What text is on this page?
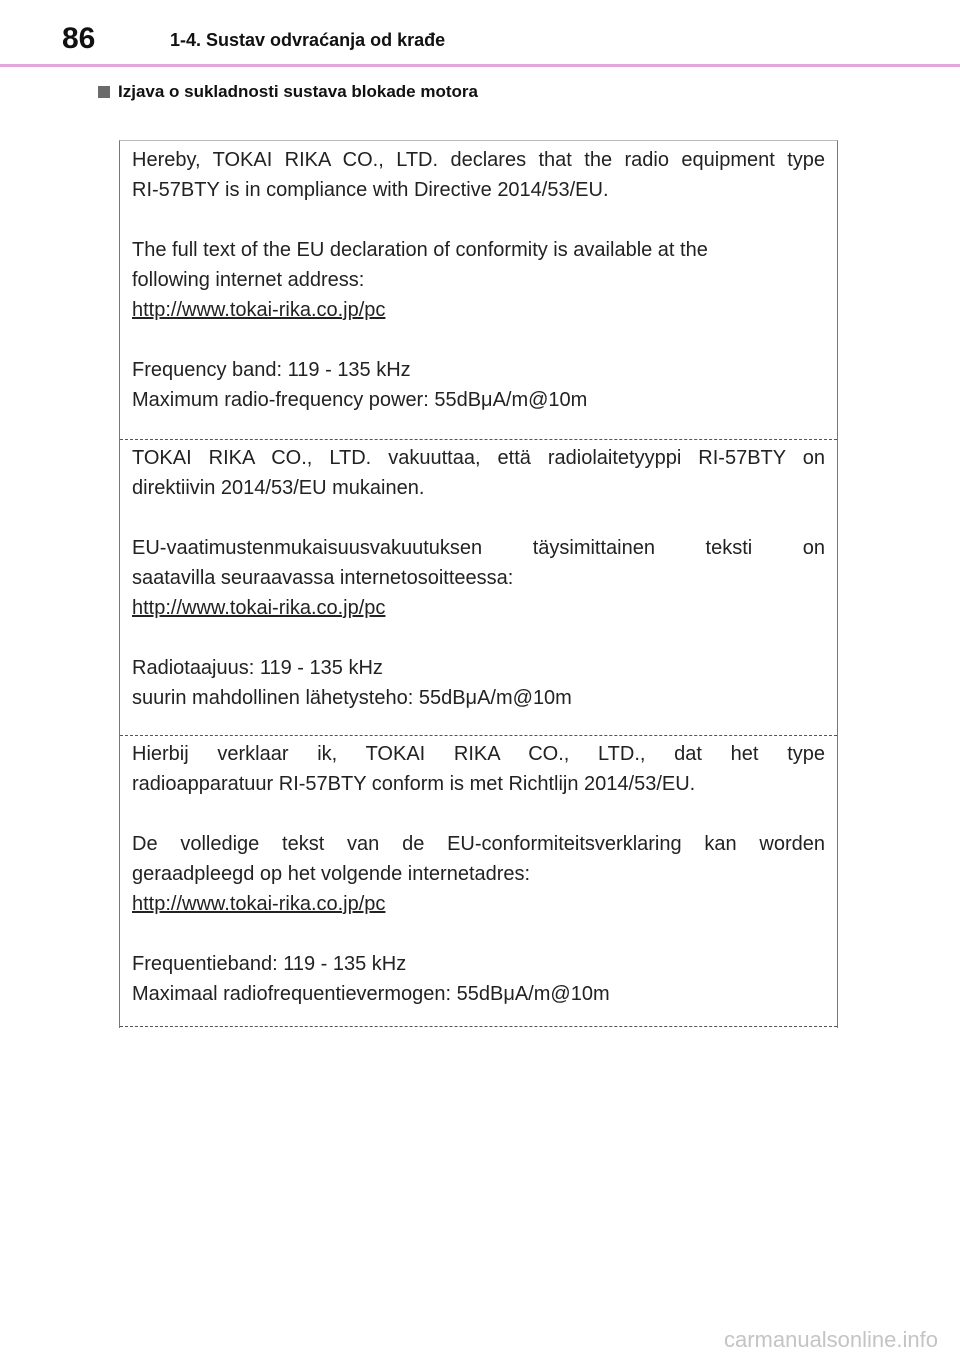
86	1-4. Sustav odvraćanja od krađe
Izjava o sukladnosti sustava blokade motora

Hereby, TOKAI RIKA CO., LTD. declares that the radio equipment type

RI-57BTY is in compliance with Directive 2014/53/EU.

The full text of the EU declaration of conformity is available at the

following internet address:

http://www.tokai-rika.co.jp/pc

Frequency band: 119 - 135 kHz

Maximum radio-frequency power: 55dBμA/m@10m

TOKAI RIKA CO., LTD. vakuuttaa, että radiolaitetyyppi RI-57BTY on

direktiivin 2014/53/EU mukainen.

EU-vaatimustenmukaisuusvakuutuksen täysimittainen teksti on

saatavilla seuraavassa internetosoitteessa:

http://www.tokai-rika.co.jp/pc

Radiotaajuus: 119 - 135 kHz

suurin mahdollinen lähetysteho: 55dBμA/m@10m

Hierbij verklaar ik, TOKAI RIKA CO., LTD., dat het type

radioapparatuur RI-57BTY conform is met Richtlijn 2014/53/EU.

De volledige tekst van de EU-conformiteitsverklaring kan worden

geraadpleegd op het volgende internetadres:

http://www.tokai-rika.co.jp/pc

Frequentieband: 119 - 135 kHz

Maximaal radiofrequentievermogen: 55dBμA/m@10m

carmanualsonline.info
